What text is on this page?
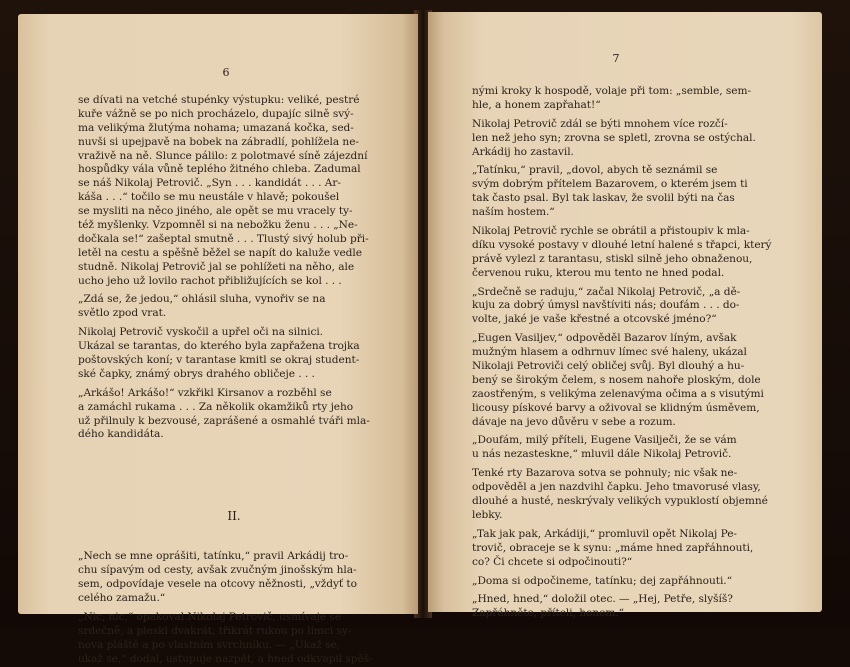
6
se dívati na vetché stupénky výstupku: veliké, pestré
kuře vážně se po nich procházelo, dupajíc silně svý-
ma velikýma žlutýma nohama; umazaná kočka, sed-
nuvši si upejpavě na bobek na zábradlí, pohlížela ne-
vraživě na ně. Slunce pálilo: z polotmavé síně zájezdní
hospůdky vála vůně teplého žitného chleba. Zadumal
se náš Nikolaj Petrovič. „Syn . . . kandidát . . . Ar-
káša . . .“ točilo se mu neustále v hlavě; pokoušel
se mysliti na něco jiného, ale opět se mu vracely ty-
též myšlenky. Vzpomněl si na nebožku ženu . . . „Ne-
dočkala se!“ zašeptal smutně . . . Tlustý sivý holub při-
letěl na cestu a spěšně běžel se napít do kaluže vedle
studně. Nikolaj Petrovič jal se pohlížeti na něho, ale
ucho jeho už lovilo rachot přibližujících se kol . . .
„Zdá se, že jedou,“ ohlásil sluha, vynořiv se na
světlo zpod vrat.
Nikolaj Petrovič vyskočil a upřel oči na silnici.
Ukázal se tarantas, do kterého byla zapřažena trojka
poštovských koní; v tarantase kmitl se okraj student-
ské čapky, známý obrys drahého obličeje . . .
„Arkášo! Arkášo!“ vzkřikl Kirsanov a rozběhl se
a zamáchl rukama . . . Za několik okamžiků rty jeho
už přilnuly k bezvousé, zaprášené a osmahlé tváři mla-
dého kandidáta.
II.
„Nech se mne oprášiti, tatínku,“ pravil Arkádij tro-
chu sípavým od cesty, avšak zvučným jinošským hla-
sem, odpovídaje vesele na otcovy něžnosti, „vždyť to
celého zamažu.“
„Nic, nic,“ opakoval Nikolaj Petrovič, usmívaje se
srdečně, a pleskl dvakrát, třikrát rukou po límci sy-
nova pláště a po vlastním svrchníku. — „Ukaž se,
ukaž se,“ dodal, ustupuje nazpět, a hned odkvapil spěš-
7
nými kroky k hospodě, volaje při tom: „semble, sem-
hle, a honem zapřahat!“
Nikolaj Petrovič zdál se býti mnohem více rozčí-
len než jeho syn; zrovna se spletl, zrovna se ostýchal.
Arkádij ho zastavil.
„Tatínku,“ pravil, „dovol, abych tě seznámil se
svým dobrým přítelem Bazarovem, o kterém jsem ti
tak často psal. Byl tak laskav, že svolil býti na čas
naším hostem.“
Nikolaj Petrovič rychle se obrátil a přistoupiv k mla-
díku vysoké postavy v dlouhé letní halené s třapci, který
právě vylezl z tarantasu, stiskl silně jeho obnaženou,
červenou ruku, kterou mu tento ne hned podal.
„Srdečně se raduju,“ začal Nikolaj Petrovič, „a dě-
kuju za dobrý úmysl navštíviti nás; doufám . . . do-
volte, jaké je vaše křestné a otcovské jméno?“
„Eugen Vasiljev,“ odpověděl Bazarov líným, avšak
mužným hlasem a odhrnuv límec své haleny, ukázal
Nikolaji Petroviči celý obličej svůj. Byl dlouhý a hu-
bený se širokým čelem, s nosem nahoře ploským, dole
zaostřeným, s velikýma zelenavýma očima a s visutými
licousy pískové barvy a oživoval se klidným úsměvem,
dávaje na jevo důvěru v sebe a rozum.
„Doufám, milý příteli, Eugene Vasilječi, že se vám
u nás nezasteskne,“ mluvil dále Nikolaj Petrovič.
Tenké rty Bazarova sotva se pohnuly; nic však ne-
odpověděl a jen nazdvihl čapku. Jeho tmavorusé vlasy,
dlouhé a husté, neskrývaly velikých vypuklostí objemné
lebky.
„Tak jak pak, Arkádiji,“ promluvil opět Nikolaj Pe-
trovič, obraceje se k synu: „máme hned zapřáhnouti,
co? Či chcete si odpočinouti?“
„Doma si odpočineme, tatínku; dej zapřáhnouti.“
„Hned, hned,“ doložil otec. — „Hej, Petře, slyšíš?
Zapřáhněte, příteli, honem.“
